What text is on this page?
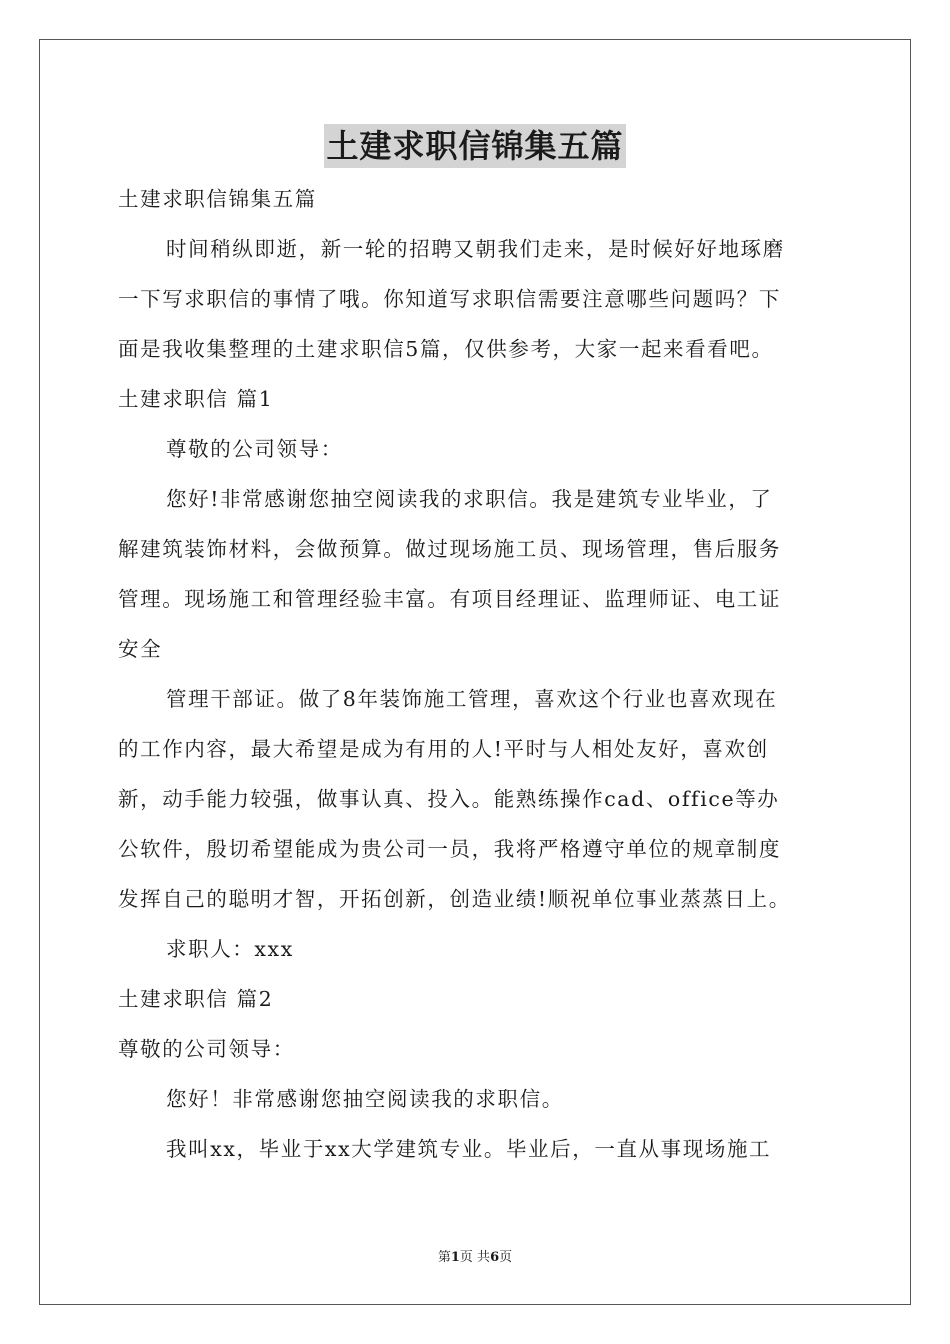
土建求职信锦集五篇
土建求职信锦集五篇
时间稍纵即逝，新一轮的招聘又朝我们走来，是时候好好地琢磨
一下写求职信的事情了哦。你知道写求职信需要注意哪些问题吗？下
面是我收集整理的土建求职信5篇，仅供参考，大家一起来看看吧。
土建求职信 篇1
尊敬的公司领导：
您好!非常感谢您抽空阅读我的求职信。我是建筑专业毕业，了
解建筑装饰材料，会做预算。做过现场施工员、现场管理，售后服务
管理。现场施工和管理经验丰富。有项目经理证、监理师证、电工证
安全
管理干部证。做了8年装饰施工管理，喜欢这个行业也喜欢现在
的工作内容，最大希望是成为有用的人!平时与人相处友好，喜欢创
新，动手能力较强，做事认真、投入。能熟练操作cad、office等办
公软件，殷切希望能成为贵公司一员，我将严格遵守单位的规章制度
发挥自己的聪明才智，开拓创新，创造业绩!顺祝单位事业蒸蒸日上。
求职人：xxx
土建求职信 篇2
尊敬的公司领导：
您好！非常感谢您抽空阅读我的求职信。
我叫xx，毕业于xx大学建筑专业。毕业后，一直从事现场施工
第1页 共6页
